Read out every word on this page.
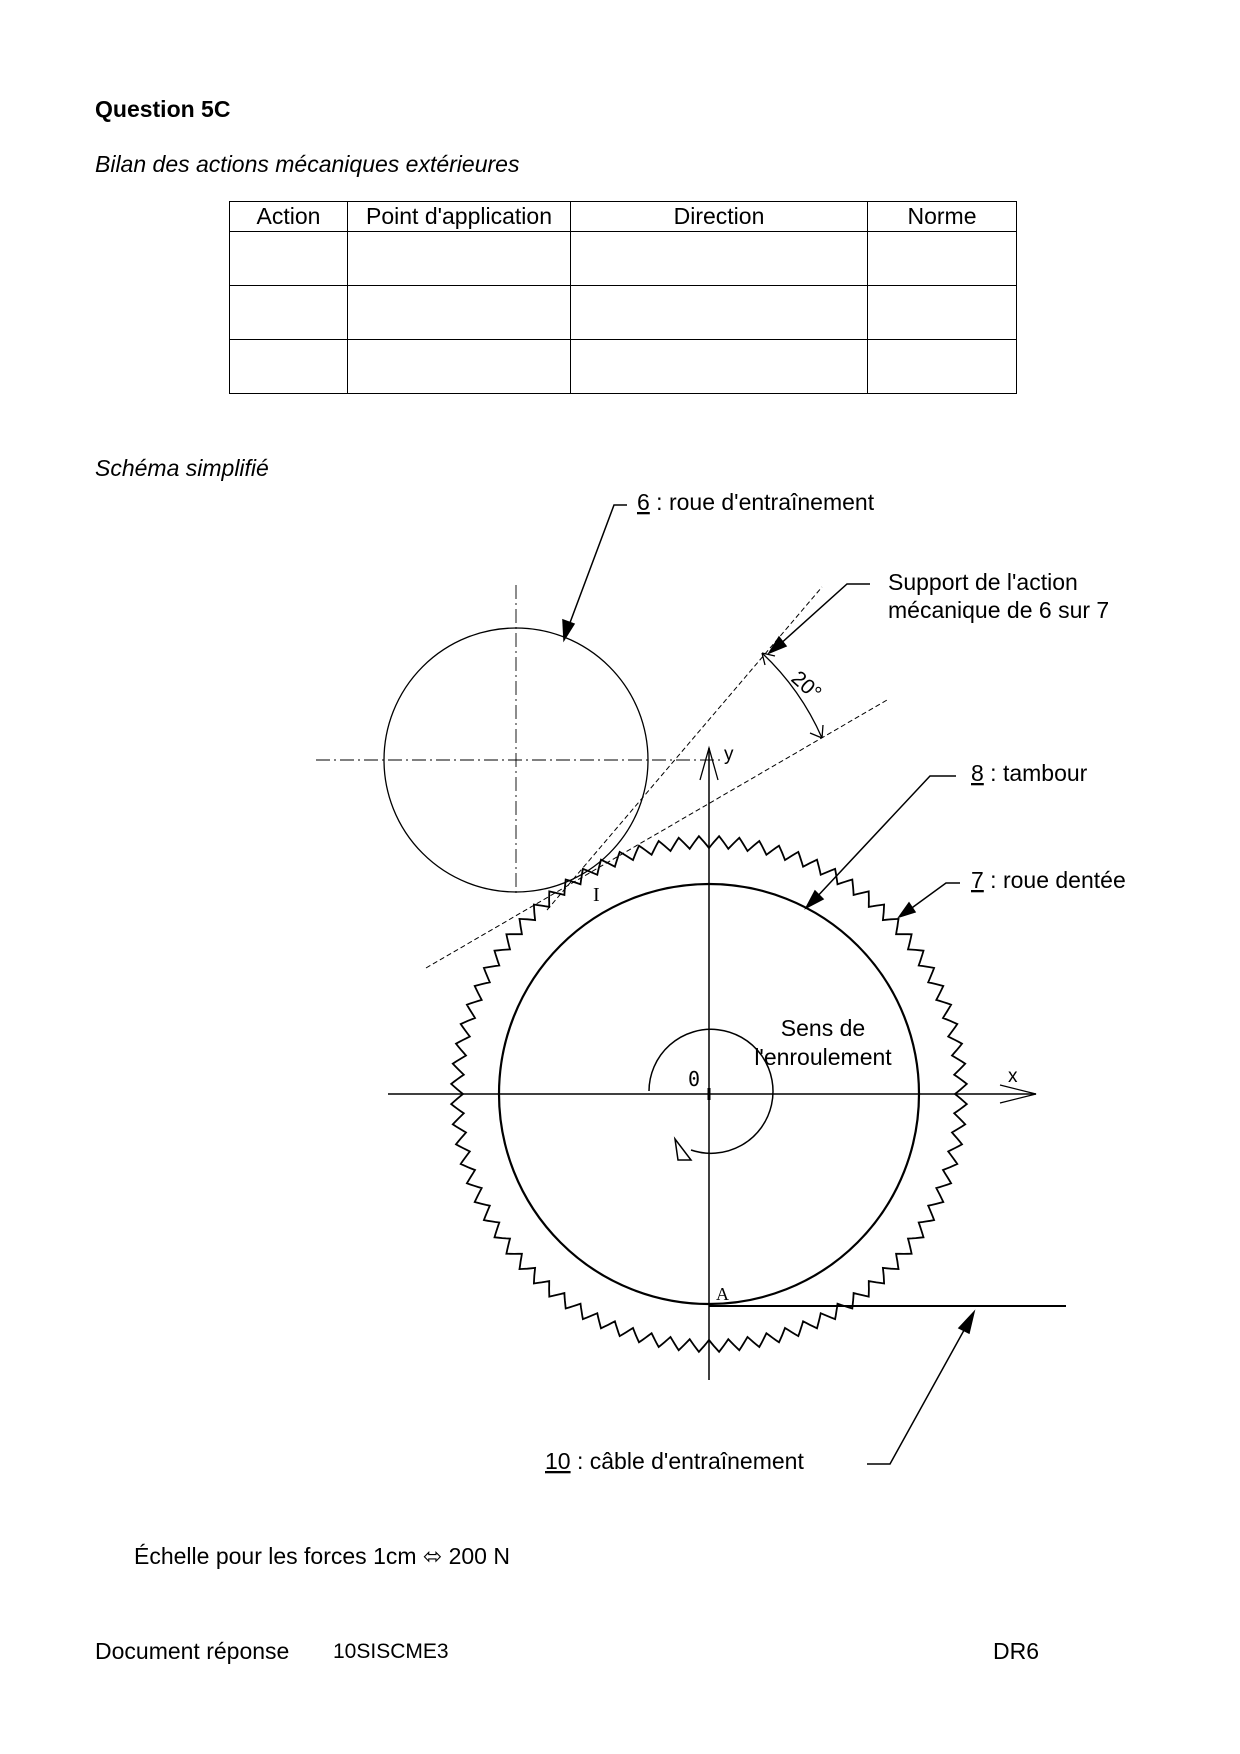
Question 5C
Bilan des actions mécaniques extérieures
Action	Point d'application	Direction	Norme

Schéma simplifié
6 : roue d'entraînement
Support de l'action
mécanique de 6 sur 7
20°
y
x
8 : tambour
7 : roue dentée
I
0
A
Sens de
l'enroulement
10 : câble d'entraînement
Échelle pour les forces 1cm ⬄ 200 N
Document réponse 10SISCME3	DR6
